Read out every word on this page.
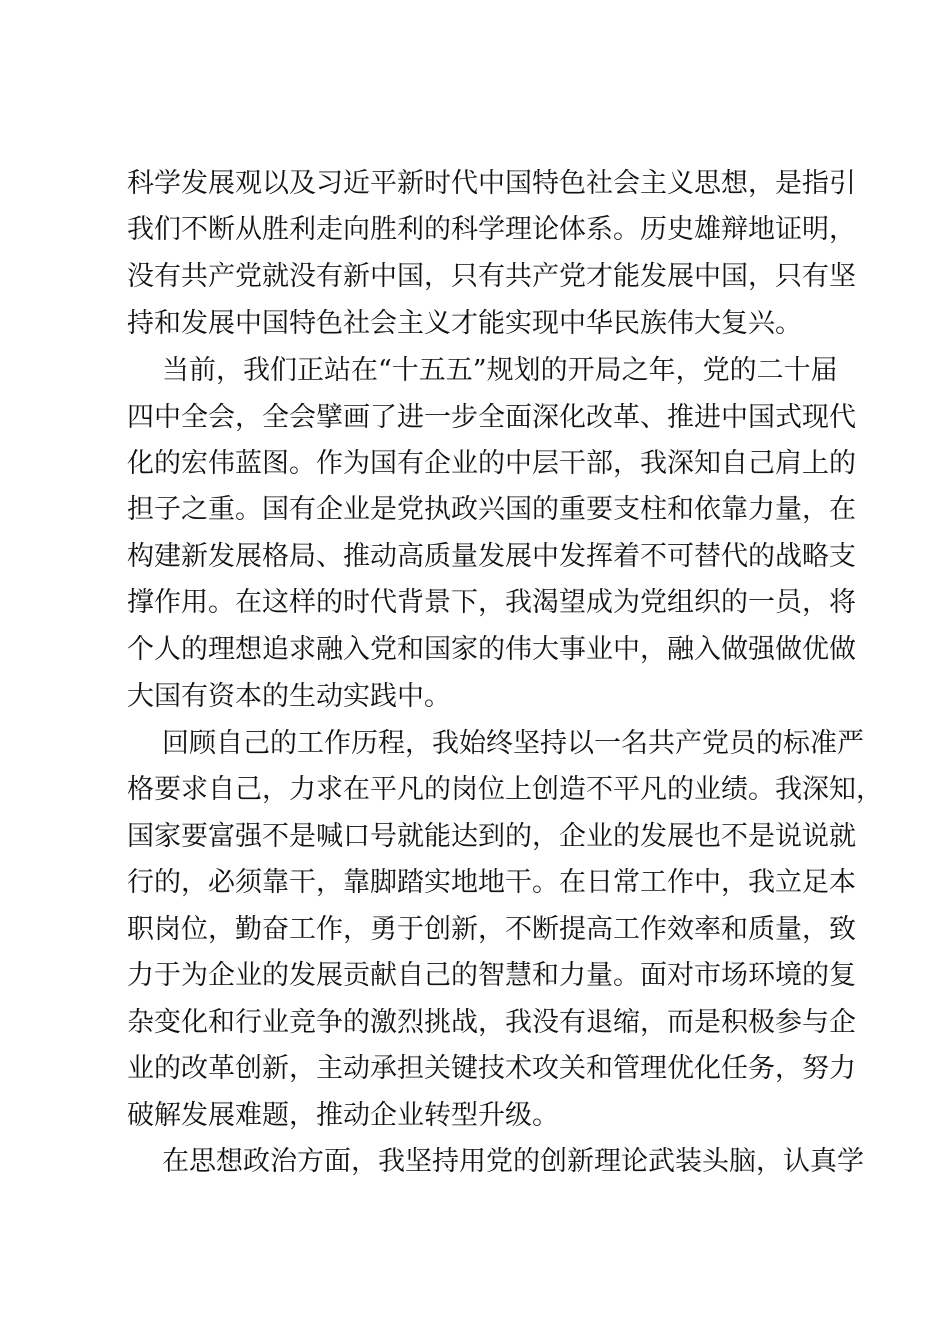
科学发展观以及习近平新时代中国特色社会主义思想，是指引
我们不断从胜利走向胜利的科学理论体系。历史雄辩地证明，
没有共产党就没有新中国，只有共产党才能发展中国，只有坚
持和发展中国特色社会主义才能实现中华民族伟大复兴。
当前，我们正站在“十五五”规划的开局之年，党的二十届
四中全会，全会擘画了进一步全面深化改革、推进中国式现代
化的宏伟蓝图。作为国有企业的中层干部，我深知自己肩上的
担子之重。国有企业是党执政兴国的重要支柱和依靠力量，在
构建新发展格局、推动高质量发展中发挥着不可替代的战略支
撑作用。在这样的时代背景下，我渴望成为党组织的一员，将
个人的理想追求融入党和国家的伟大事业中，融入做强做优做
大国有资本的生动实践中。
回顾自己的工作历程，我始终坚持以一名共产党员的标准严
格要求自己，力求在平凡的岗位上创造不平凡的业绩。我深知，
国家要富强不是喊口号就能达到的，企业的发展也不是说说就
行的，必须靠干，靠脚踏实地地干。在日常工作中，我立足本
职岗位，勤奋工作，勇于创新，不断提高工作效率和质量，致
力于为企业的发展贡献自己的智慧和力量。面对市场环境的复
杂变化和行业竞争的激烈挑战，我没有退缩，而是积极参与企
业的改革创新，主动承担关键技术攻关和管理优化任务，努力
破解发展难题，推动企业转型升级。
在思想政治方面，我坚持用党的创新理论武装头脑，认真学
